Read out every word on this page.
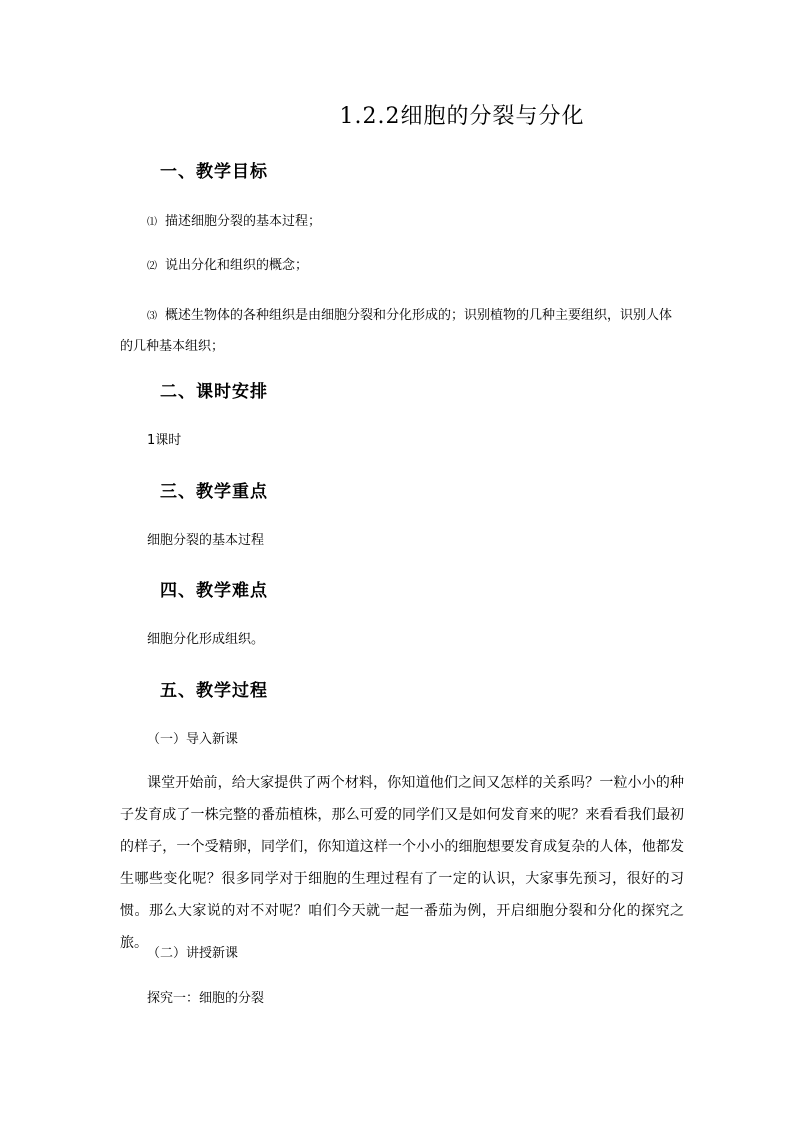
1.2.2细胞的分裂与分化
一、教学目标
⑴ 描述细胞分裂的基本过程；
⑵ 说出分化和组织的概念；
⑶ 概述生物体的各种组织是由细胞分裂和分化形成的；识别植物的几种主要组织，识别人体的几种基本组织；
二、课时安排
1课时
三、教学重点
细胞分裂的基本过程
四、教学难点
细胞分化形成组织。
五、教学过程
（一）导入新课
课堂开始前，给大家提供了两个材料，你知道他们之间又怎样的关系吗？一粒小小的种子发育成了一株完整的番茄植株，那么可爱的同学们又是如何发育来的呢？来看看我们最初的样子，一个受精卵，同学们，你知道这样一个小小的细胞想要发育成复杂的人体，他都发生哪些变化呢？很多同学对于细胞的生理过程有了一定的认识，大家事先预习，很好的习惯。那么大家说的对不对呢？咱们今天就一起一番茄为例，开启细胞分裂和分化的探究之旅。
（二）讲授新课
探究一：细胞的分裂
